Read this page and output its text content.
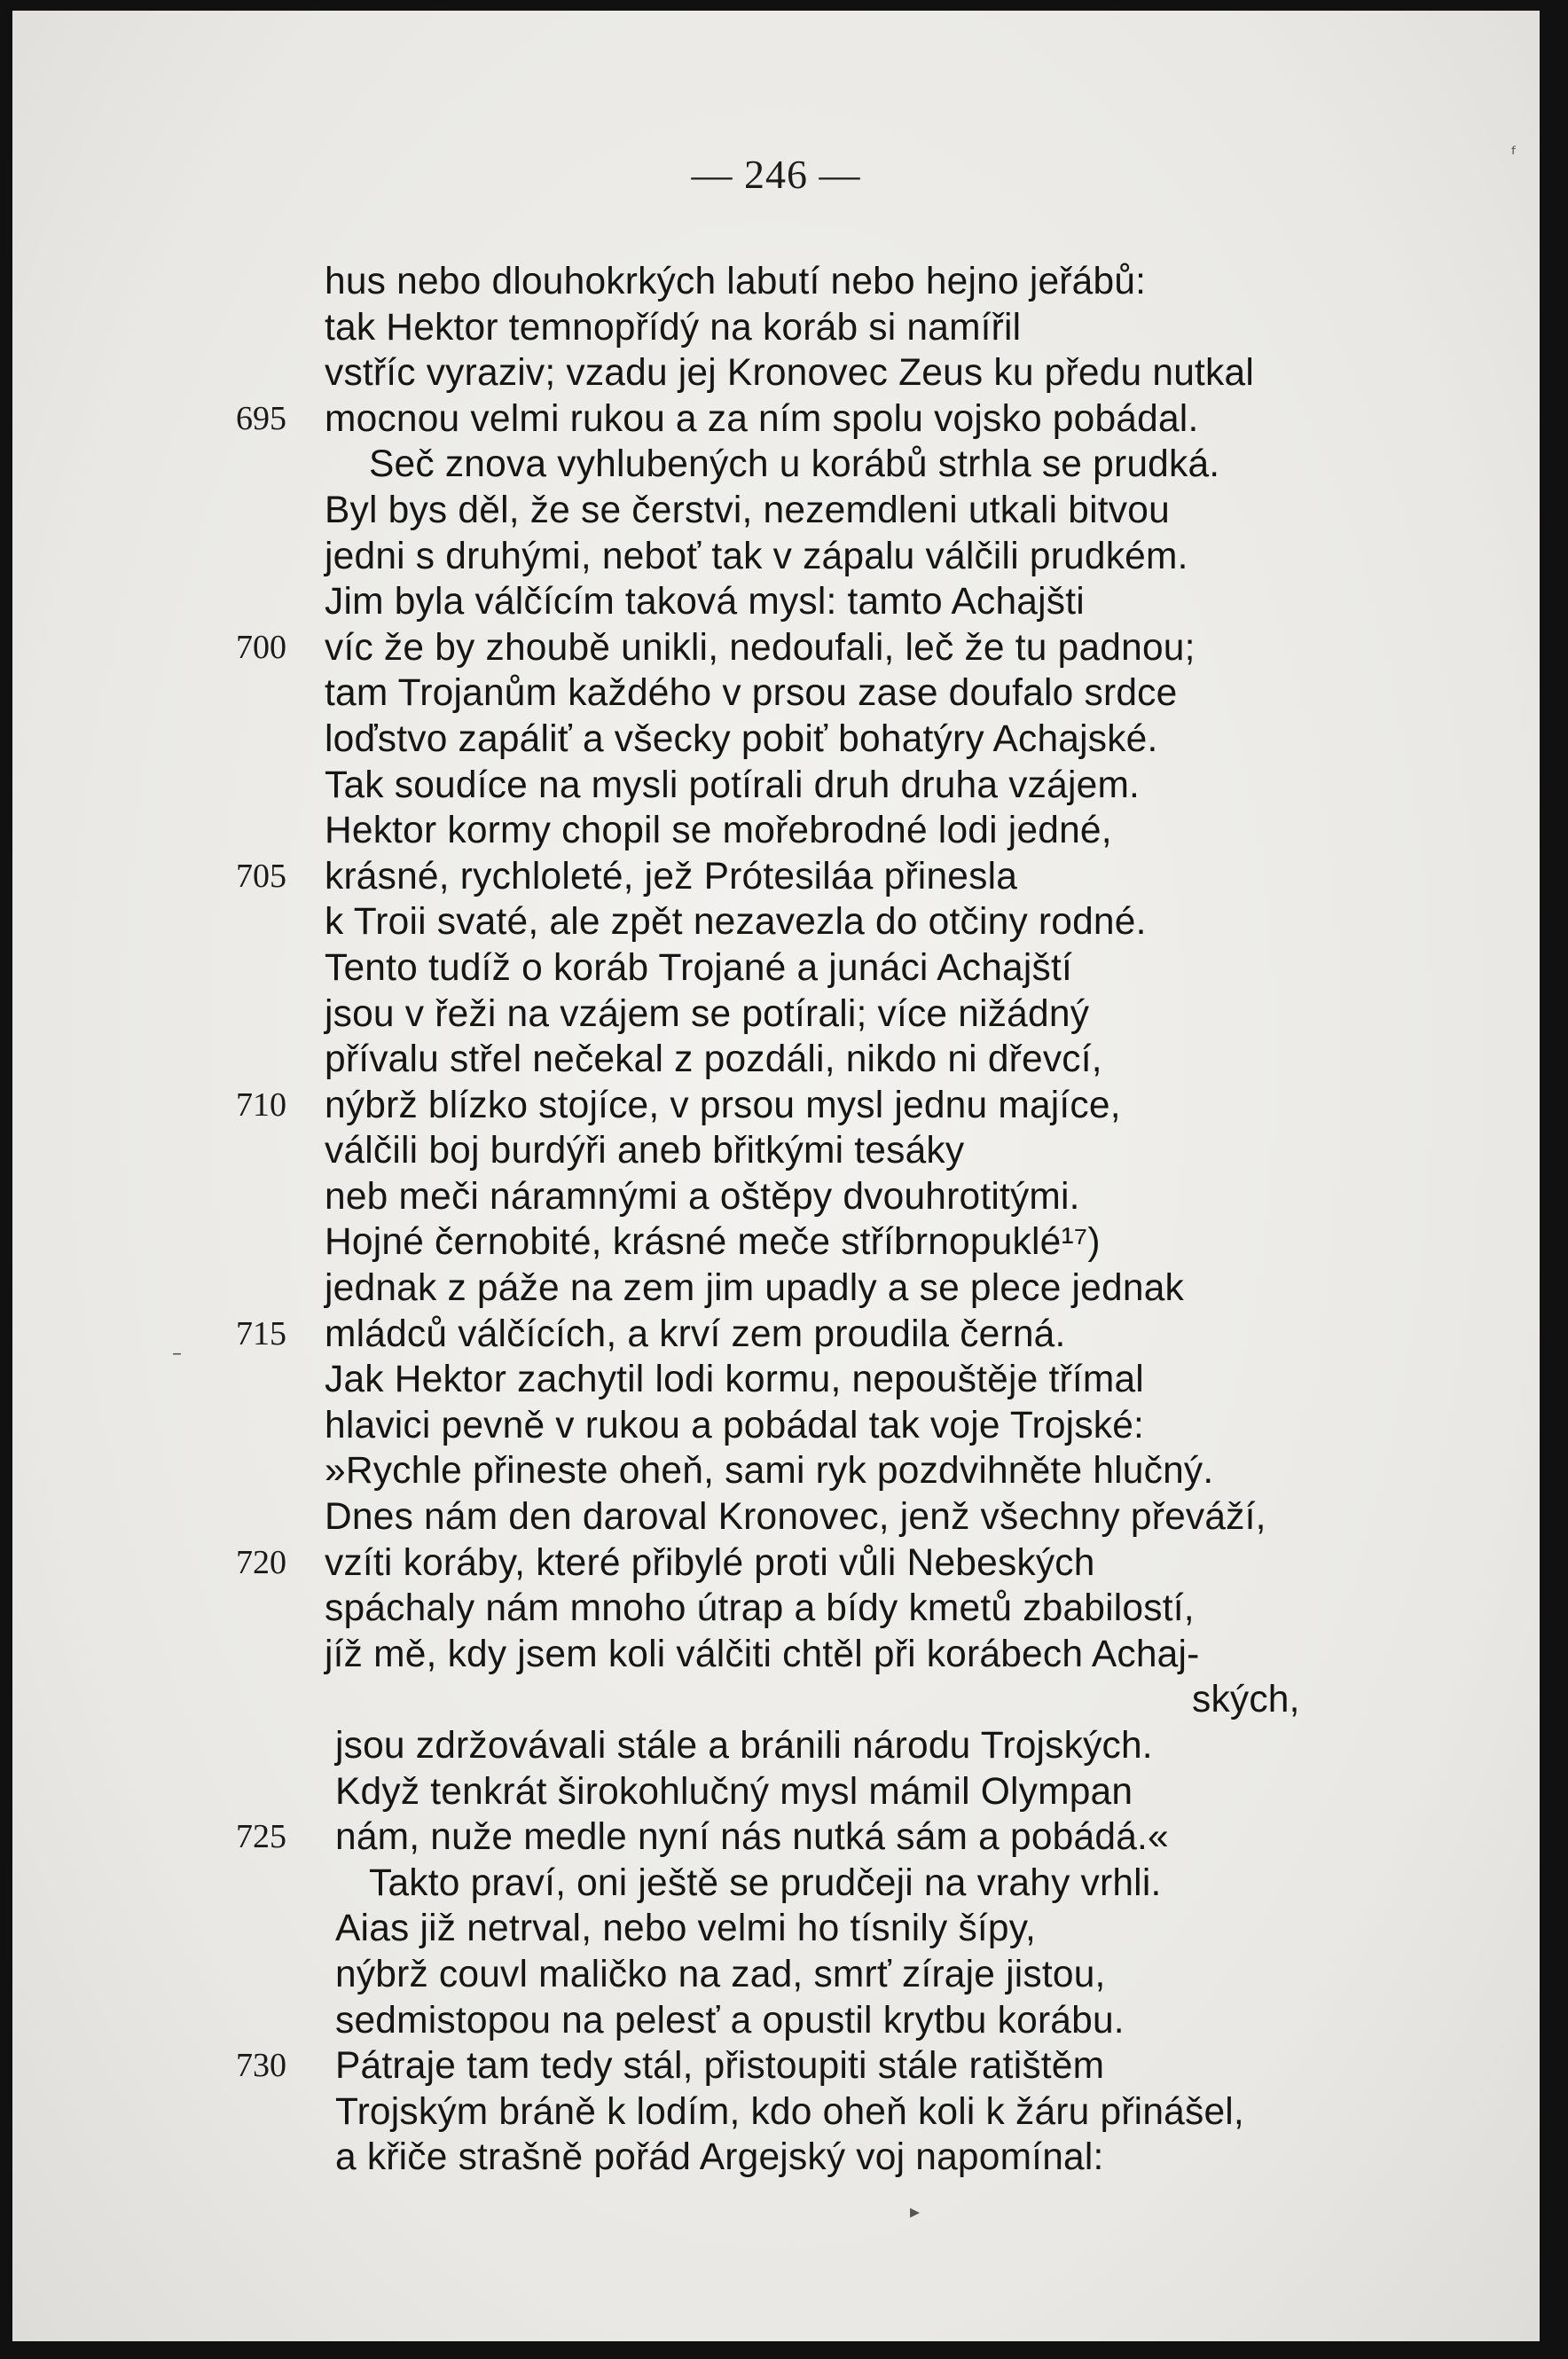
— 246 —
hus nebo dlouhokrkých labutí nebo hejno jeřábů:
tak Hektor temnopřídý na koráb si namířil
vstříc vyraziv; vzadu jej Kronovec Zeus ku předu nutkal
695 mocnou velmi rukou a za ním spolu vojsko pobádal.
Seč znova vyhlubených u korábů strhla se prudká.
Byl bys děl, že se čerstvi, nezemdleni utkali bitvou
jedni s druhými, neboť tak v zápalu válčili prudkém.
Jim byla válčícím taková mysl: tamto Achajšti
700 víc že by zhoubě unikli, nedoufali, leč že tu padnou;
tam Trojanům každého v prsou zase doufalo srdce
loďstvo zapáliť a všecky pobiť bohatýry Achajské.
Tak soudíce na mysli potírali druh druha vzájem.
Hektor kormy chopil se mořebrodné lodi jedné,
705 krásné, rychloleté, jež Prótesiláa přinesla
k Troii svaté, ale zpět nezavezla do otčiny rodné.
Tento tudíž o koráb Trojané a junáci Achajští
jsou v řeži na vzájem se potírali; více nižádný
přívalu střel nečekal z pozdáli, nikdo ni dřevcí,
710 nýbrž blízko stojíce, v prsou mysl jednu majíce,
válčili boj burdýři aneb břitkými tesáky
neb meči náramnými a oštěpy dvouhrotitými.
Hojné černobité, krásné meče stříbrnopuklé¹⁷)
jednak z páže na zem jim upadly a se plece jednak
715 mládců válčících, a krví zem proudila černá.
Jak Hektor zachytil lodi kormu, nepouštěje třímal
hlavici pevně v rukou a pobádal tak voje Trojské:
»Rychle přineste oheň, sami ryk pozdvihněte hlučný.
Dnes nám den daroval Kronovec, jenž všechny převáží,
720 vzíti koráby, které přibylé proti vůli Nebeských
spáchaly nám mnoho útrap a bídy kmetů zbabilostí,
jíž mě, kdy jsem koli válčiti chtěl při korábech Achaj-
ských,
jsou zdržovávali stále a bránili národu Trojských.
Když tenkrát širokohlučný mysl mámil Olympan
725 nám, nuže medle nyní nás nutká sám a pobádá.«
Takto praví, oni ještě se prudčeji na vrahy vrhli.
Aias již netrval, nebo velmi ho tísnily šípy,
nýbrž couvl maličko na zad, smrť zíraje jistou,
sedmistopou na pelesť a opustil krytbu korábu.
730 Pátraje tam tedy stál, přistoupiti stále ratištěm
Trojským bráně k lodím, kdo oheň koli k žáru přinášel,
a křiče strašně pořád Argejský voj napomínal:
ᶠ
–
▸
